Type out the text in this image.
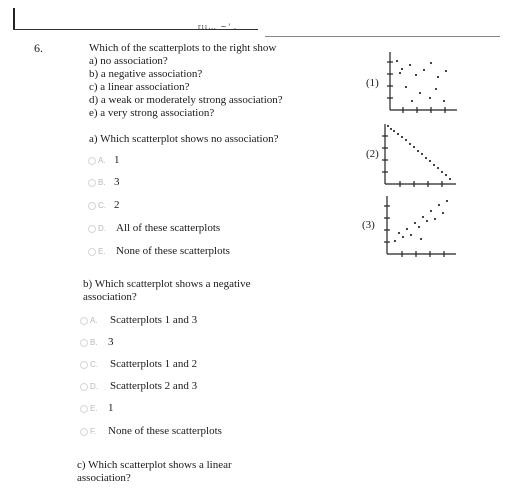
rıı… ∼’ .
6.	Which of the scatterplots to the right show
a) no association?
b) a negative association?
c) a linear association?
d) a weak or moderately strong association?
e) a very strong association?
a) Which scatterplot shows no association?
A. 1
B. 3
C. 2
D. All of these scatterplots
E. None of these scatterplots
b) Which scatterplot shows a negative
association?
A.	Scatterplots 1 and 3
B. 3
C.	Scatterplots 1 and 2
D.	Scatterplots 2 and 3
E. 1
F.	None of these scatterplots
c) Which scatterplot shows a linear
association?
(1)
(2)
(3)
